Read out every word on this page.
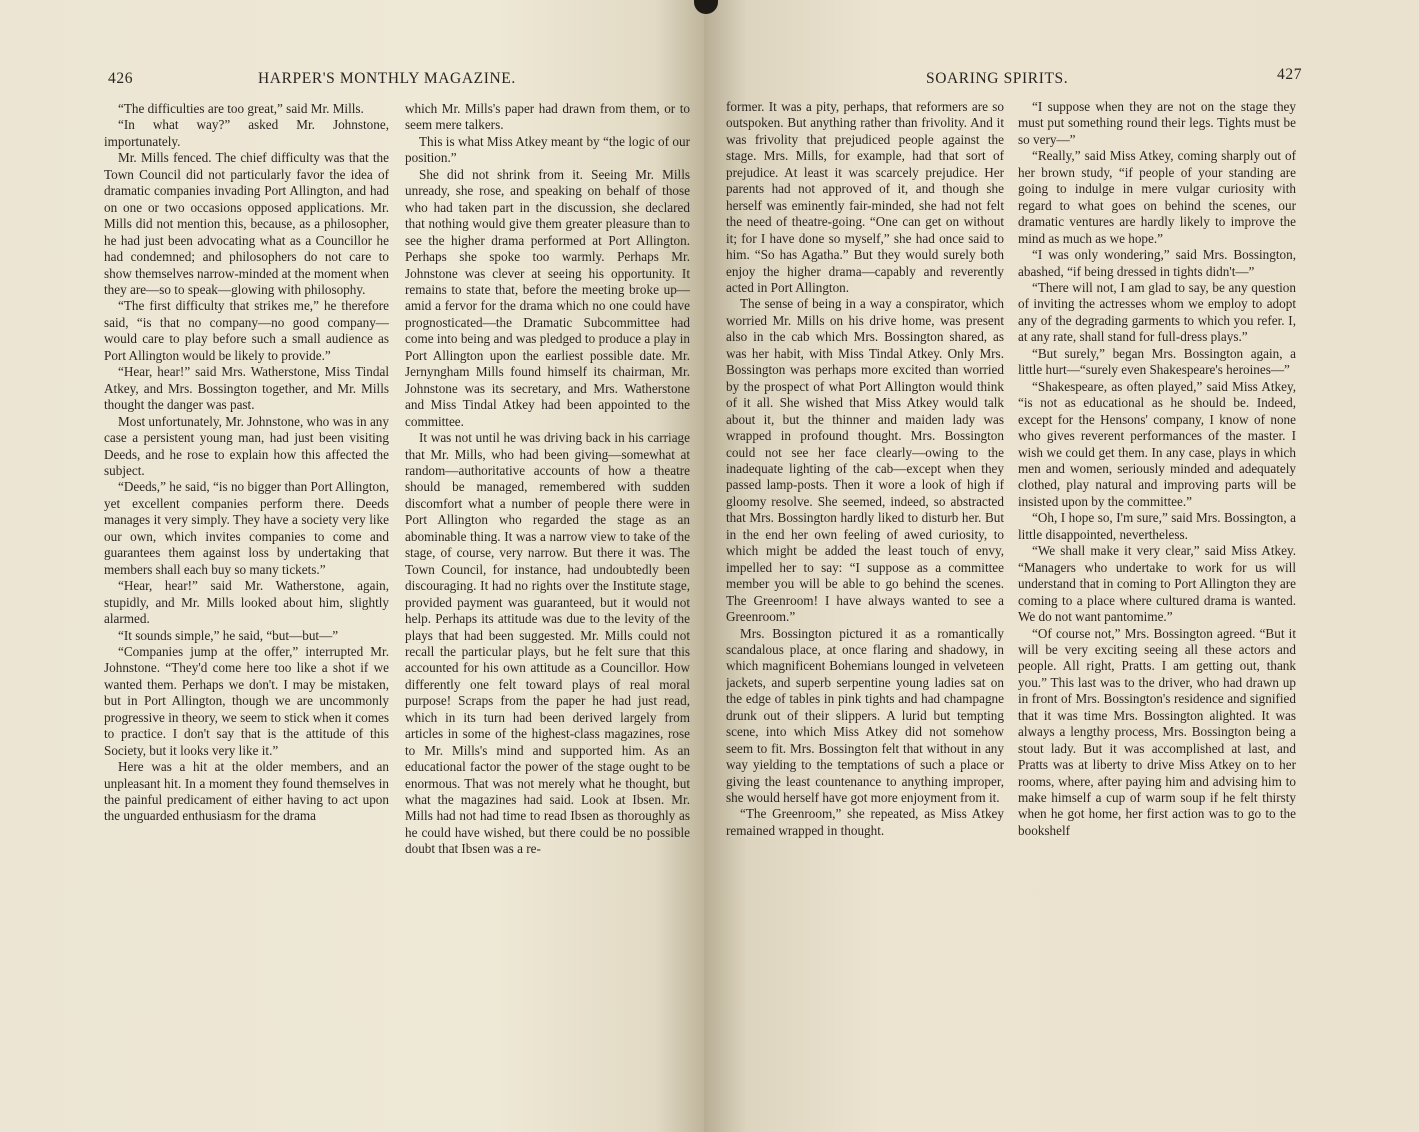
426	HARPER'S MONTHLY MAGAZINE.

“The difficulties are too great,” said Mr. Mills.

“In what way?” asked Mr. Johnstone, importunately.

Mr. Mills fenced. The chief difficulty was that the Town Council did not particularly favor the idea of dramatic companies invading Port Allington, and had on one or two occasions opposed applications. Mr. Mills did not mention this, because, as a philosopher, he had just been advocating what as a Councillor he had condemned; and philosophers do not care to show themselves narrow-minded at the moment when they are—so to speak—glowing with philosophy.

“The first difficulty that strikes me,” he therefore said, “is that no company—no good company—would care to play before such a small audience as Port Allington would be likely to provide.”

“Hear, hear!” said Mrs. Watherstone, Miss Tindal Atkey, and Mrs. Bossington together, and Mr. Mills thought the danger was past.

Most unfortunately, Mr. Johnstone, who was in any case a persistent young man, had just been visiting Deeds, and he rose to explain how this affected the subject.

“Deeds,” he said, “is no bigger than Port Allington, yet excellent companies perform there. Deeds manages it very simply. They have a society very like our own, which invites companies to come and guarantees them against loss by undertaking that members shall each buy so many tickets.”

“Hear, hear!” said Mr. Watherstone, again, stupidly, and Mr. Mills looked about him, slightly alarmed.

“It sounds simple,” he said, “but—but—”

“Companies jump at the offer,” interrupted Mr. Johnstone. “They'd come here too like a shot if we wanted them. Perhaps we don't. I may be mistaken, but in Port Allington, though we are uncommonly progressive in theory, we seem to stick when it comes to practice. I don't say that is the attitude of this Society, but it looks very like it.”

Here was a hit at the older members, and an unpleasant hit. In a moment they found themselves in the painful predicament of either having to act upon the unguarded enthusiasm for the drama

which Mr. Mills's paper had drawn from them, or to seem mere talkers.

This is what Miss Atkey meant by “the logic of our position.”

She did not shrink from it. Seeing Mr. Mills unready, she rose, and speaking on behalf of those who had taken part in the discussion, she declared that nothing would give them greater pleasure than to see the higher drama performed at Port Allington. Perhaps she spoke too warmly. Perhaps Mr. Johnstone was clever at seeing his opportunity. It remains to state that, before the meeting broke up—amid a fervor for the drama which no one could have prognosticated—the Dramatic Subcommittee had come into being and was pledged to produce a play in Port Allington upon the earliest possible date. Mr. Jernyngham Mills found himself its chairman, Mr. Johnstone was its secretary, and Mrs. Watherstone and Miss Tindal Atkey had been appointed to the committee.

It was not until he was driving back in his carriage that Mr. Mills, who had been giving—somewhat at random—authoritative accounts of how a theatre should be managed, remembered with sudden discomfort what a number of people there were in Port Allington who regarded the stage as an abominable thing. It was a narrow view to take of the stage, of course, very narrow. But there it was. The Town Council, for instance, had undoubtedly been discouraging. It had no rights over the Institute stage, provided payment was guaranteed, but it would not help. Perhaps its attitude was due to the levity of the plays that had been suggested. Mr. Mills could not recall the particular plays, but he felt sure that this accounted for his own attitude as a Councillor. How differently one felt toward plays of real moral purpose! Scraps from the paper he had just read, which in its turn had been derived largely from articles in some of the highest-class magazines, rose to Mr. Mills's mind and supported him. As an educational factor the power of the stage ought to be enormous. That was not merely what he thought, but what the magazines had said. Look at Ibsen. Mr. Mills had not had time to read Ibsen as thoroughly as he could have wished, but there could be no possible doubt that Ibsen was a re-

SOARING SPIRITS.	427

former. It was a pity, perhaps, that reformers are so outspoken. But anything rather than frivolity. And it was frivolity that prejudiced people against the stage. Mrs. Mills, for example, had that sort of prejudice. At least it was scarcely prejudice. Her parents had not approved of it, and though she herself was eminently fair-minded, she had not felt the need of theatre-going. “One can get on without it; for I have done so myself,” she had once said to him. “So has Agatha.” But they would surely both enjoy the higher drama—capably and reverently acted in Port Allington.

The sense of being in a way a conspirator, which worried Mr. Mills on his drive home, was present also in the cab which Mrs. Bossington shared, as was her habit, with Miss Tindal Atkey. Only Mrs. Bossington was perhaps more excited than worried by the prospect of what Port Allington would think of it all. She wished that Miss Atkey would talk about it, but the thinner and maiden lady was wrapped in profound thought. Mrs. Bossington could not see her face clearly—owing to the inadequate lighting of the cab—except when they passed lamp-posts. Then it wore a look of high if gloomy resolve. She seemed, indeed, so abstracted that Mrs. Bossington hardly liked to disturb her. But in the end her own feeling of awed curiosity, to which might be added the least touch of envy, impelled her to say: “I suppose as a committee member you will be able to go behind the scenes. The Greenroom! I have always wanted to see a Greenroom.”

Mrs. Bossington pictured it as a romantically scandalous place, at once flaring and shadowy, in which magnificent Bohemians lounged in velveteen jackets, and superb serpentine young ladies sat on the edge of tables in pink tights and had champagne drunk out of their slippers. A lurid but tempting scene, into which Miss Atkey did not somehow seem to fit. Mrs. Bossington felt that without in any way yielding to the temptations of such a place or giving the least countenance to anything improper, she would herself have got more enjoyment from it.

“The Greenroom,” she repeated, as Miss Atkey remained wrapped in thought.

“I suppose when they are not on the stage they must put something round their legs. Tights must be so very—”

“Really,” said Miss Atkey, coming sharply out of her brown study, “if people of your standing are going to indulge in mere vulgar curiosity with regard to what goes on behind the scenes, our dramatic ventures are hardly likely to improve the mind as much as we hope.”

“I was only wondering,” said Mrs. Bossington, abashed, “if being dressed in tights didn't—”

“There will not, I am glad to say, be any question of inviting the actresses whom we employ to adopt any of the degrading garments to which you refer. I, at any rate, shall stand for full-dress plays.”

“But surely,” began Mrs. Bossington again, a little hurt—“surely even Shakespeare's heroines—”

“Shakespeare, as often played,” said Miss Atkey, “is not as educational as he should be. Indeed, except for the Hensons' company, I know of none who gives reverent performances of the master. I wish we could get them. In any case, plays in which men and women, seriously minded and adequately clothed, play natural and improving parts will be insisted upon by the committee.”

“Oh, I hope so, I'm sure,” said Mrs. Bossington, a little disappointed, nevertheless.

“We shall make it very clear,” said Miss Atkey. “Managers who undertake to work for us will understand that in coming to Port Allington they are coming to a place where cultured drama is wanted. We do not want pantomime.”

“Of course not,” Mrs. Bossington agreed. “But it will be very exciting seeing all these actors and people. All right, Pratts. I am getting out, thank you.” This last was to the driver, who had drawn up in front of Mrs. Bossington's residence and signified that it was time Mrs. Bossington alighted. It was always a lengthy process, Mrs. Bossington being a stout lady. But it was accomplished at last, and Pratts was at liberty to drive Miss Atkey on to her rooms, where, after paying him and advising him to make himself a cup of warm soup if he felt thirsty when he got home, her first action was to go to the bookshelf
